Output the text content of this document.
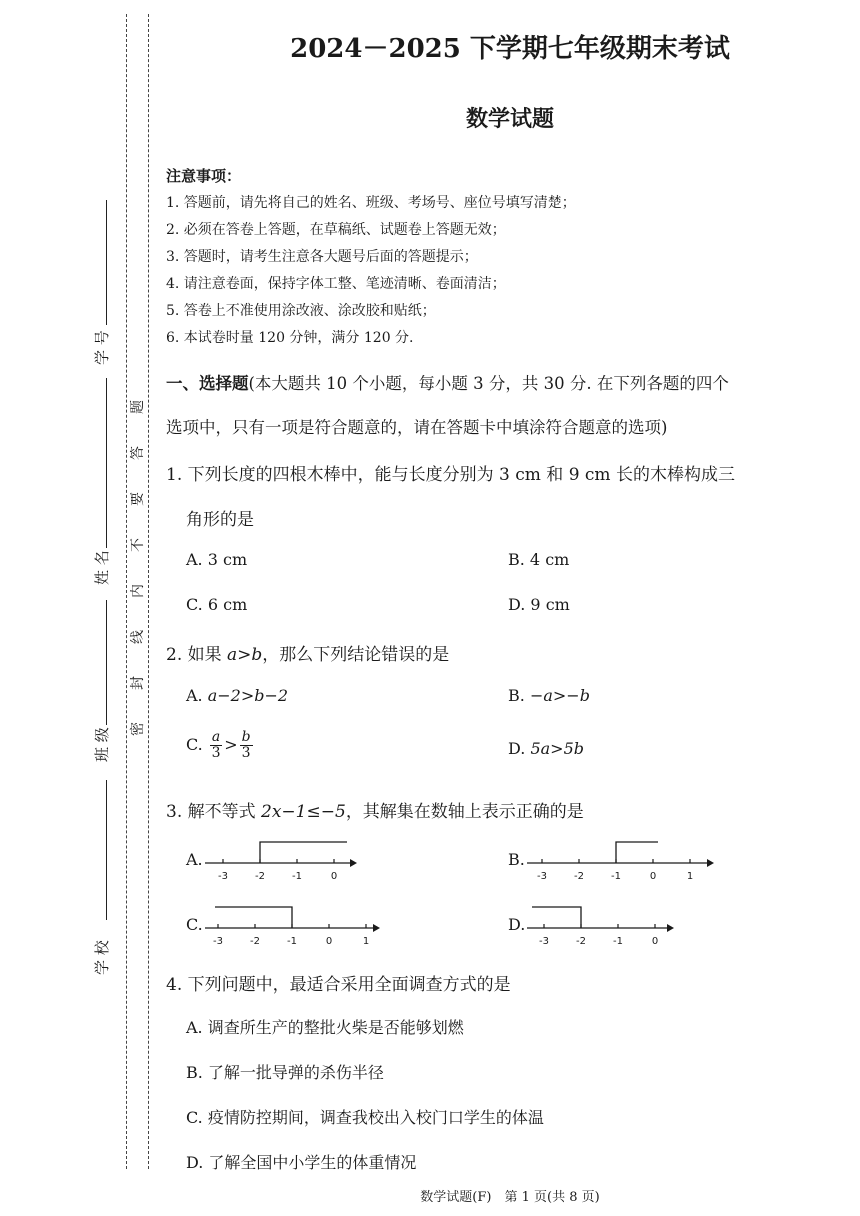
学 校
班 级
姓 名
学 号
题
答
要
不
内
线
封
密
2024－2025 下学期七年级期末考试
数学试题
注意事项：
1. 答题前，请先将自己的姓名、班级、考场号、座位号填写清楚；
2. 必须在答卷上答题，在草稿纸、试题卷上答题无效；
3. 答题时，请考生注意各大题号后面的答题提示；
4. 请注意卷面，保持字体工整、笔迹清晰、卷面清洁；
5. 答卷上不准使用涂改液、涂改胶和贴纸；
6. 本试卷时量 120 分钟，满分 120 分.
一、选择题(本大题共 10 个小题，每小题 3 分，共 30 分. 在下列各题的四个
选项中，只有一项是符合题意的，请在答题卡中填涂符合题意的选项)
1. 下列长度的四根木棒中，能与长度分别为 3 cm 和 9 cm 长的木棒构成三
角形的是
A. 3 cm	B. 4 cm
C. 6 cm	D. 9 cm
2. 如果 a>b，那么下列结论错误的是
A. a−2>b−2	B. −a>−b
C. $\frac{a}{3} > \frac{b}{3}$	D. 5a>5b
3. 解不等式 2x−1≤−5，其解集在数轴上表示正确的是
A.
-3	-2	-1	0
B.
-3	-2	-1	0	1
C.
-3	-2	-1	0	1
D.
-3	-2	-1	0
4. 下列问题中，最适合采用全面调查方式的是
A. 调查所生产的整批火柴是否能够划燃
B. 了解一批导弹的杀伤半径
C. 疫情防控期间，调查我校出入校门口学生的体温
D. 了解全国中小学生的体重情况
数学试题(F)　第 1 页(共 8 页)
